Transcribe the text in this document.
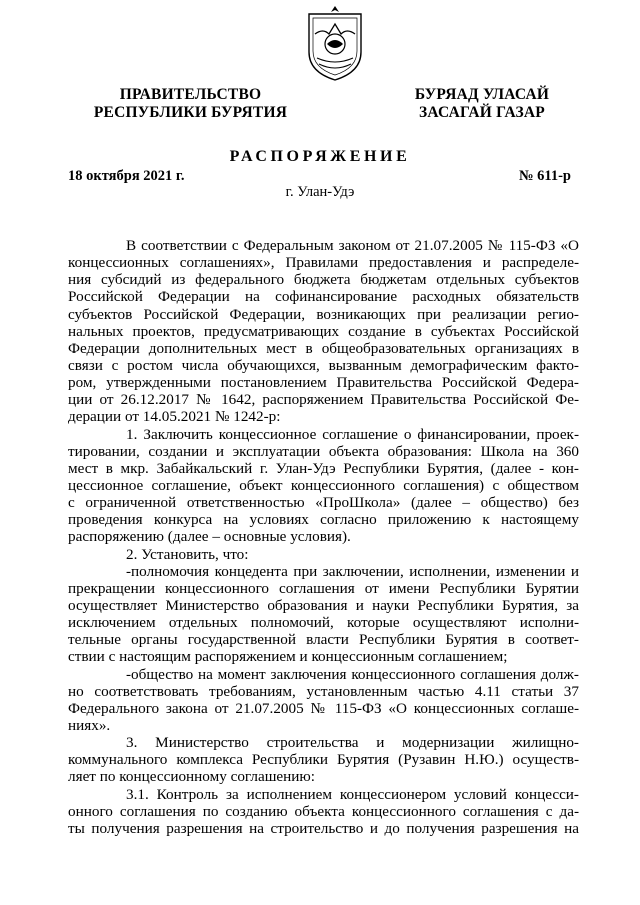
ПРАВИТЕЛЬСТВО
РЕСПУБЛИКИ БУРЯТИЯ
БУРЯАД УЛАСАЙ
ЗАСАГАЙ ГАЗАР
РАСПОРЯЖЕНИЕ
18 октября 2021 г.	№ 611-р
г. Улан-Удэ
В соответствии с Федеральным законом от 21.07.2005 № 115-ФЗ «О
концессионных соглашениях», Правилами предоставления и распределе-
ния субсидий из федерального бюджета бюджетам отдельных субъектов
Российской Федерации на софинансирование расходных обязательств
субъектов Российской Федерации, возникающих при реализации регио-
нальных проектов, предусматривающих создание в субъектах Российской
Федерации дополнительных мест в общеобразовательных организациях в
связи с ростом числа обучающихся, вызванным демографическим факто-
ром, утвержденными постановлением Правительства Российской Федера-
ции от 26.12.2017 № 1642, распоряжением Правительства Российской Фе-
дерации от 14.05.2021 № 1242-р:
1. Заключить концессионное соглашение о финансировании, проек-
тировании, создании и эксплуатации объекта образования: Школа на 360
мест в мкр. Забайкальский г. Улан-Удэ Республики Бурятия, (далее - кон-
цессионное соглашение, объект концессионного соглашения) с обществом
с ограниченной ответственностью «ПроШкола» (далее – общество) без
проведения конкурса на условиях согласно приложению к настоящему
распоряжению (далее – основные условия).
2. Установить, что:
-полномочия концедента при заключении, исполнении, изменении и
прекращении концессионного соглашения от имени Республики Бурятии
осуществляет Министерство образования и науки Республики Бурятия, за
исключением отдельных полномочий, которые осуществляют исполни-
тельные органы государственной власти Республики Бурятия в соответ-
ствии с настоящим распоряжением и концессионным соглашением;
-общество на момент заключения концессионного соглашения долж-
но соответствовать требованиям, установленным частью 4.11 статьи 37
Федерального закона от 21.07.2005 № 115-ФЗ «О концессионных соглаше-
ниях».
3. Министерство строительства и модернизации жилищно-
коммунального комплекса Республики Бурятия (Рузавин Н.Ю.) осуществ-
ляет по концессионному соглашению:
3.1. Контроль за исполнением концессионером условий концесси-
онного соглашения по созданию объекта концессионного соглашения с да-
ты получения разрешения на строительство и до получения разрешения на
